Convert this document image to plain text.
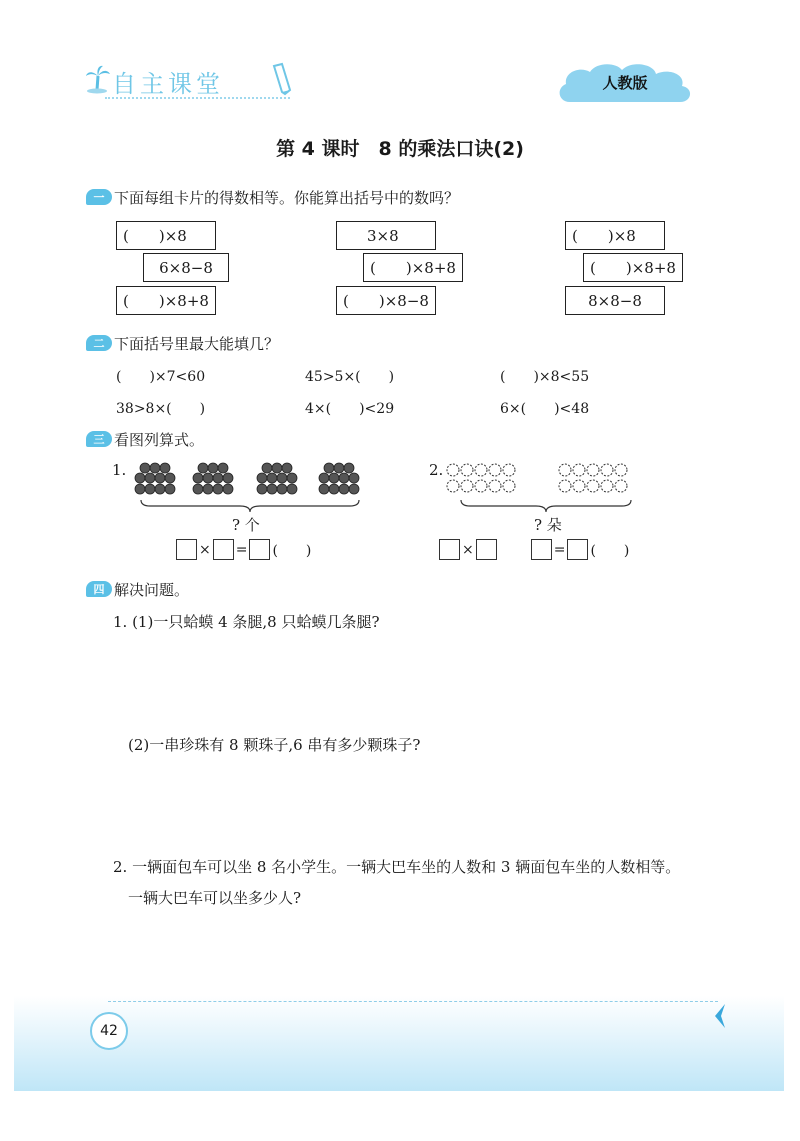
自主课堂	人教版
第 4 课时　8 的乘法口诀(2)
一 下面每组卡片的得数相等。你能算出括号中的数吗？
(　　)×8
6×8−8
(　　)×8+8
3×8
(　　)×8+8
(　　)×8−8
(　　)×8
(　　)×8+8
8×8−8
二 下面括号里最大能填几？
(　　)×7<60	45>5×(　　)	(　　)×8<55
38>8×(　　)	4×(　　)<29	6×(　　)<48
三 看图列算式。
1.
? 个
× = (　　)
2.
? 朵
×	= (　　)
四 解决问题。
1. (1)一只蛤蟆 4 条腿,8 只蛤蟆几条腿?
(2)一串珍珠有 8 颗珠子,6 串有多少颗珠子?
2. 一辆面包车可以坐 8 名小学生。一辆大巴车坐的人数和 3 辆面包车坐的人数相等。
一辆大巴车可以坐多少人?
42
